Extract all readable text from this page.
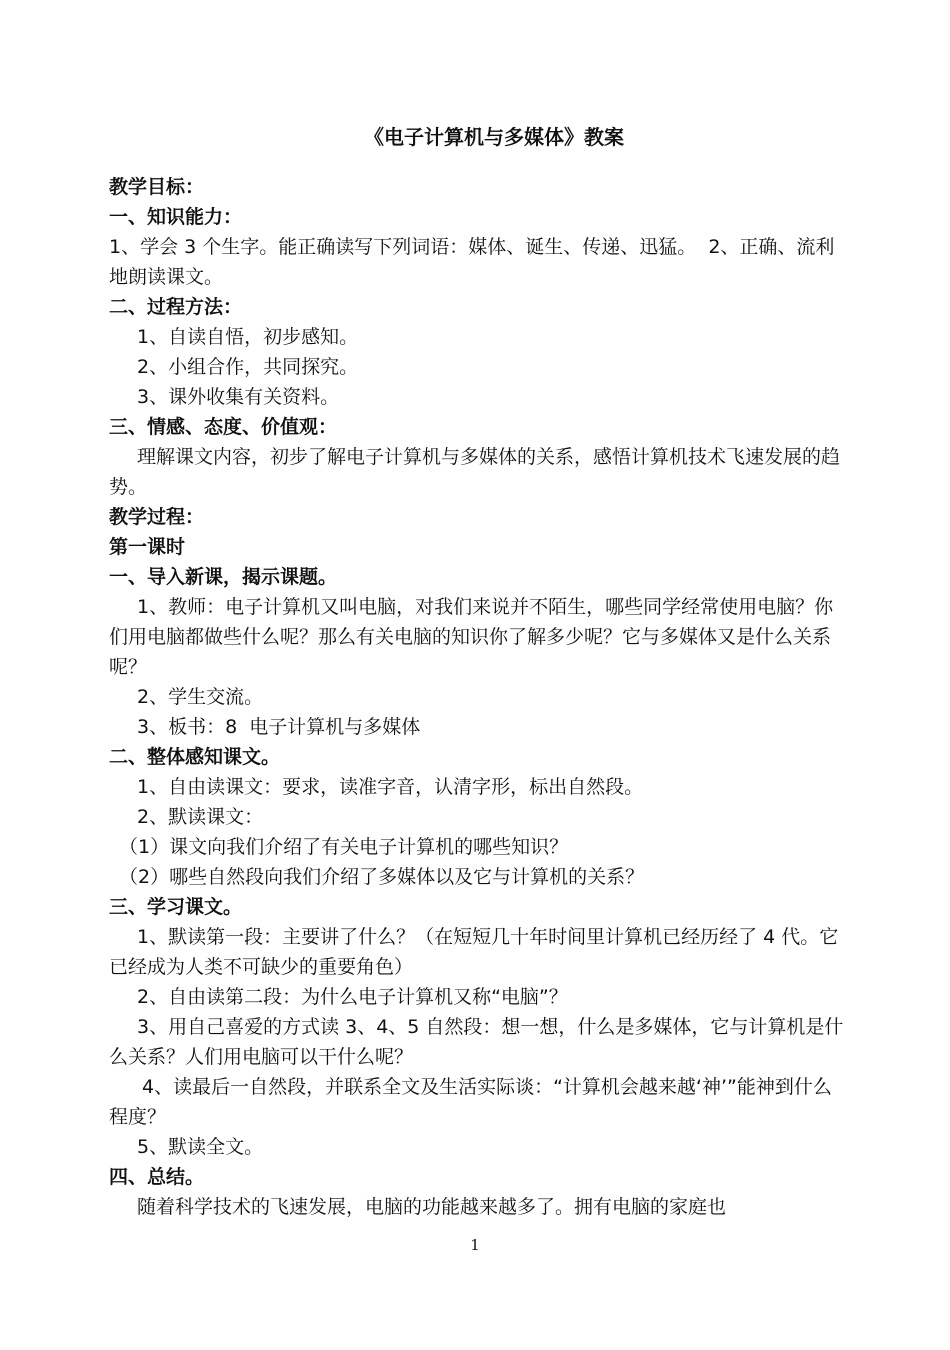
《电子计算机与多媒体》教案
教学目标：
一、知识能力：
1、学会 3 个生字。能正确读写下列词语：媒体、诞生、传递、迅猛。  2、正确、流利地朗读课文。
二、过程方法：
1、自读自悟，初步感知。
2、小组合作，共同探究。
3、课外收集有关资料。
三、情感、态度、价值观：
理解课文内容，初步了解电子计算机与多媒体的关系，感悟计算机技术飞速发展的趋势。
教学过程：
第一课时
一、导入新课，揭示课题。
1、教师：电子计算机又叫电脑，对我们来说并不陌生，哪些同学经常使用电脑？你们用电脑都做些什么呢？那么有关电脑的知识你了解多少呢？它与多媒体又是什么关系呢？
2、学生交流。
3、板书：8  电子计算机与多媒体
二、整体感知课文。
1、自由读课文：要求，读准字音，认清字形，标出自然段。
2、默读课文：
（1）课文向我们介绍了有关电子计算机的哪些知识？
（2）哪些自然段向我们介绍了多媒体以及它与计算机的关系？
三、学习课文。
1、默读第一段：主要讲了什么？（在短短几十年时间里计算机已经历经了 4 代。它已经成为人类不可缺少的重要角色）
2、自由读第二段：为什么电子计算机又称“电脑”？
3、用自己喜爱的方式读 3、4、5 自然段：想一想，什么是多媒体，它与计算机是什么关系？人们用电脑可以干什么呢？
4、读最后一自然段，并联系全文及生活实际谈：“计算机会越来越‘神’”能神到什么程度？
5、默读全文。
四、总结。
随着科学技术的飞速发展，电脑的功能越来越多了。拥有电脑的家庭也
1
